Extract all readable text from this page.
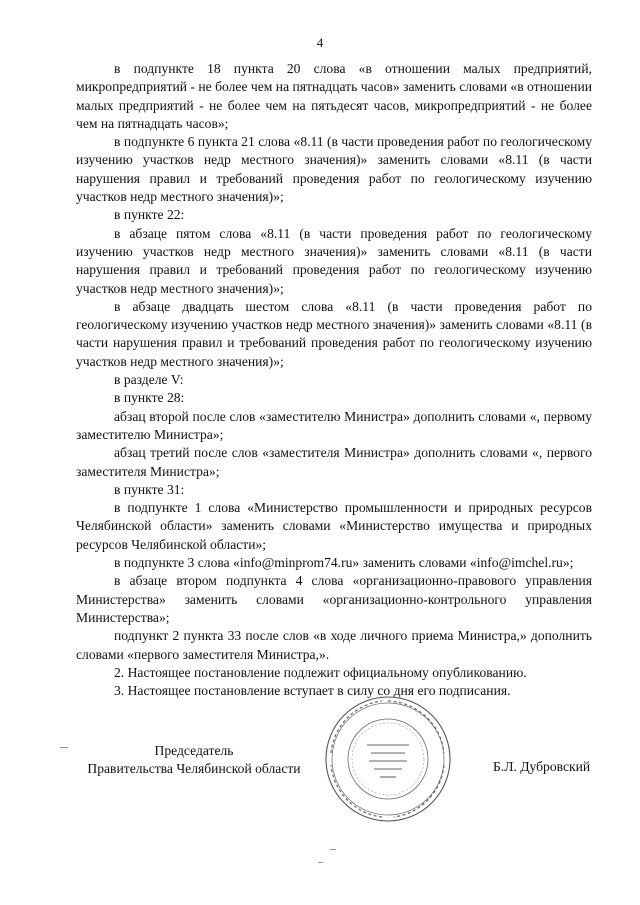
4

в подпункте 18 пункта 20 слова «в отношении малых предприятий, микропредприятий - не более чем на пятнадцать часов» заменить словами «в отношении малых предприятий - не более чем на пятьдесят часов, микропредприятий - не более чем на пятнадцать часов»;

в подпункте 6 пункта 21 слова «8.11 (в части проведения работ по геологическому изучению участков недр местного значения)» заменить словами «8.11 (в части нарушения правил и требований проведения работ по геологическому изучению участков недр местного значения)»;

в пункте 22:

в абзаце пятом слова «8.11 (в части проведения работ по геологическому изучению участков недр местного значения)» заменить словами «8.11 (в части нарушения правил и требований проведения работ по геологическому изучению участков недр местного значения)»;

в абзаце двадцать шестом слова «8.11 (в части проведения работ по геологическому изучению участков недр местного значения)» заменить словами «8.11 (в части нарушения правил и требований проведения работ по геологическому изучению участков недр местного значения)»;

в разделе V:

в пункте 28:

абзац второй после слов «заместителю Министра» дополнить словами «, первому заместителю Министра»;

абзац третий после слов «заместителя Министра» дополнить словами «, первого заместителя Министра»;

в пункте 31:

в подпункте 1 слова «Министерство промышленности и природных ресурсов Челябинской области» заменить словами «Министерство имущества и природных ресурсов Челябинской области»;

в подпункте 3 слова «info@minprom74.ru» заменить словами «info@imchel.ru»;

в абзаце втором подпункта 4 слова «организационно-правового управления Министерства» заменить словами «организационно-контрольного управления Министерства»;

подпункт 2 пункта 33 после слов «в ходе личного приема Министра,» дополнить словами «первого заместителя Министра,».

2. Настоящее постановление подлежит официальному опубликованию.

3. Настоящее постановление вступает в силу со дня его подписания.

Председатель
Правительства Челябинской области	Б.Л. Дубровский
